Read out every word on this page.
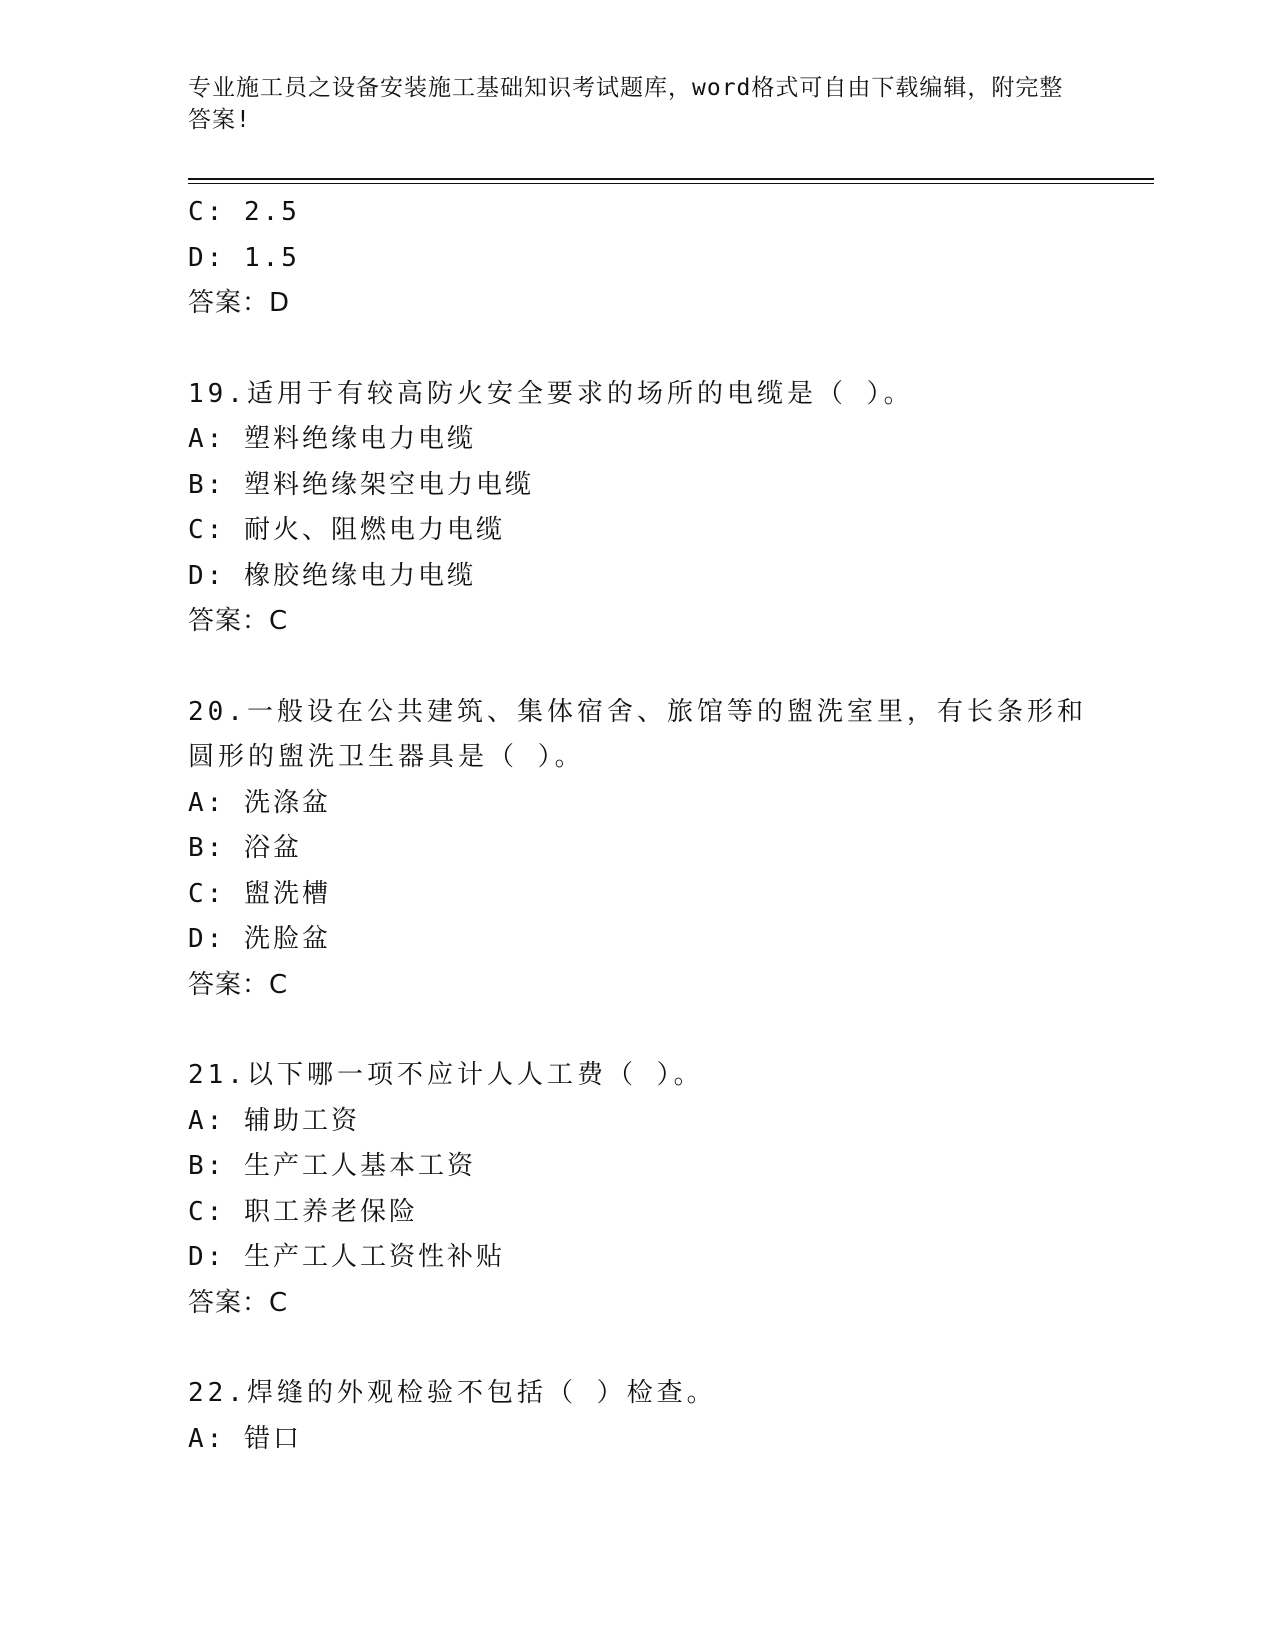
专业施工员之设备安装施工基础知识考试题库，word格式可自由下载编辑，附完整答案!
C: 2.5
D: 1.5
答案：D
19.适用于有较高防火安全要求的场所的电缆是（ ）。
A: 塑料绝缘电力电缆
B: 塑料绝缘架空电力电缆
C: 耐火、阻燃电力电缆
D: 橡胶绝缘电力电缆
答案：C
20.一般设在公共建筑、集体宿舍、旅馆等的盥洗室里，有长条形和圆形的盥洗卫生器具是（ ）。
A: 洗涤盆
B: 浴盆
C: 盥洗槽
D: 洗脸盆
答案：C
21.以下哪一项不应计人人工费（ ）。
A: 辅助工资
B: 生产工人基本工资
C: 职工养老保险
D: 生产工人工资性补贴
答案：C
22.焊缝的外观检验不包括（ ）检查。
A: 错口
